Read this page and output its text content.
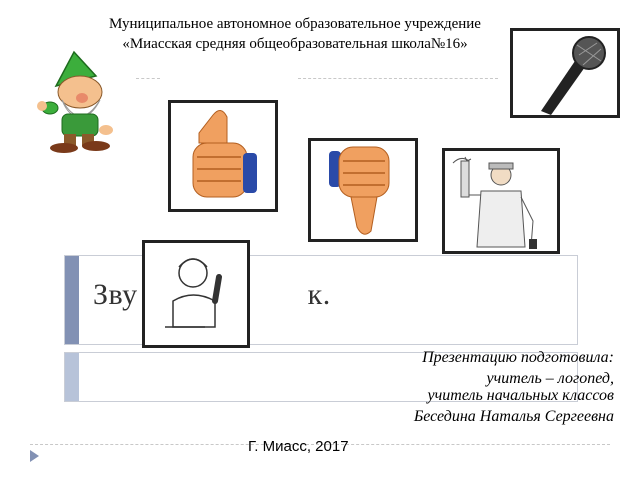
Муниципальное автономное образовательное учреждение
«Миасская средняя общеобразовательная школа№16»
Зву	к.
Презентацию подготовила:
учитель – логопед,
учитель начальных классов
Беседина Наталья Сергеевна
Г. Миасс, 2017
